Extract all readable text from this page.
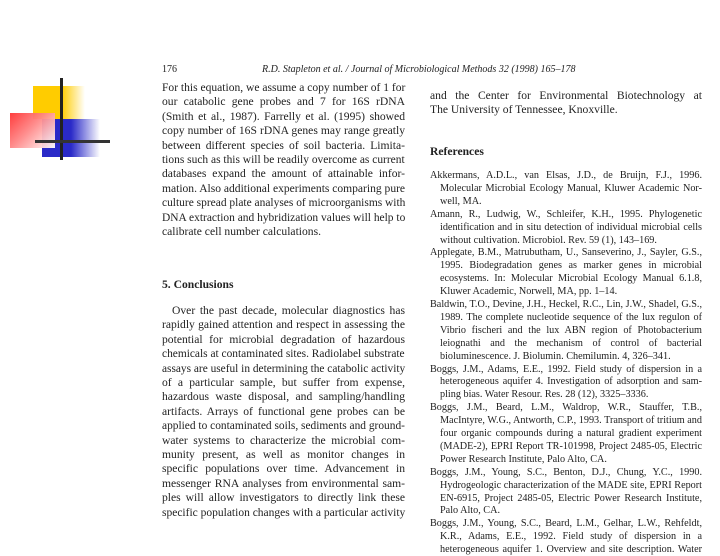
176	R.D. Stapleton et al. / Journal of Microbiological Methods 32 (1998) 165–178
5. Conclusions
References
For this equation, we assume a copy number of 1 for
our catabolic gene probes and 7 for 16S rDNA
(Smith et al., 1987). Farrelly et al. (1995) showed
copy number of 16S rDNA genes may range greatly
between different species of soil bacteria. Limita-
tions such as this will be readily overcome as current
databases expand the amount of attainable infor-
mation. Also additional experiments comparing pure
culture spread plate analyses of microorganisms with
DNA extraction and hybridization values will help to
calibrate cell number calculations.
Over the past decade, molecular diagnostics has
rapidly gained attention and respect in assessing the
potential for microbial degradation of hazardous
chemicals at contaminated sites. Radiolabel substrate
assays are useful in determining the catabolic activity
of a particular sample, but suffer from expense,
hazardous waste disposal, and sampling/handling
artifacts. Arrays of functional gene probes can be
applied to contaminated soils, sediments and ground-
water systems to characterize the microbial com-
munity present, as well as monitor changes in
specific populations over time. Advancement in
messenger RNA analyses from environmental sam-
ples will allow investigators to directly link these
specific population changes with a particular activity
and the Center for Environmental Biotechnology at
The University of Tennessee, Knoxville.
Akkermans, A.D.L., van Elsas, J.D., de Bruijn, F.J., 1996.
Molecular Microbial Ecology Manual, Kluwer Academic Nor-
well, MA.
Amann, R., Ludwig, W., Schleifer, K.H., 1995. Phylogenetic
identification and in situ detection of individual microbial cells
without cultivation. Microbiol. Rev. 59 (1), 143–169.
Applegate, B.M., Matrubutham, U., Sanseverino, J., Sayler, G.S.,
1995. Biodegradation genes as marker genes in microbial
ecosystems. In: Molecular Microbial Ecology Manual 6.1.8,
Kluwer Academic, Norwell, MA, pp. 1–14.
Baldwin, T.O., Devine, J.H., Heckel, R.C., Lin, J.W., Shadel, G.S.,
1989. The complete nucleotide sequence of the lux regulon of
Vibrio fischeri and the lux ABN region of Photobacterium
leiognathi and the mechanism of control of bacterial
bioluminescence. J. Biolumin. Chemilumin. 4, 326–341.
Boggs, J.M., Adams, E.E., 1992. Field study of dispersion in a
heterogeneous aquifer 4. Investigation of adsorption and sam-
pling bias. Water Resour. Res. 28 (12), 3325–3336.
Boggs, J.M., Beard, L.M., Waldrop, W.R., Stauffer, T.B.,
MacIntyre, W.G., Antworth, C.P., 1993. Transport of tritium and
four organic compounds during a natural gradient experiment
(MADE-2), EPRI Report TR-101998, Project 2485-05, Electric
Power Research Institute, Palo Alto, CA.
Boggs, J.M., Young, S.C., Benton, D.J., Chung, Y.C., 1990.
Hydrogeologic characterization of the MADE site, EPRI Report
EN-6915, Project 2485-05, Electric Power Research Institute,
Palo Alto, CA.
Boggs, J.M., Young, S.C., Beard, L.M., Gelhar, L.W., Rehfeldt,
K.R., Adams, E.E., 1992. Field study of dispersion in a
heterogeneous aquifer 1. Overview and site description. Water
